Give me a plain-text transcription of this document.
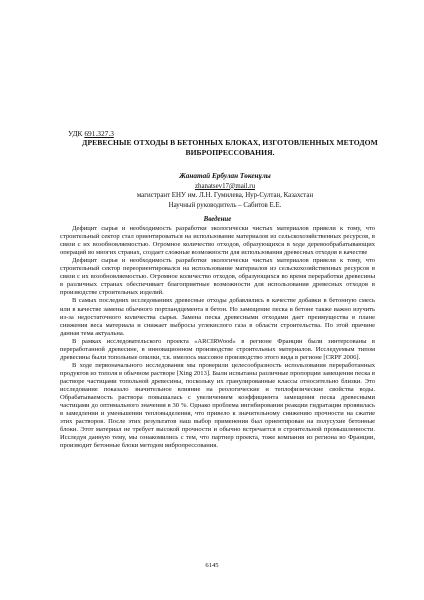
УДК 691.327.3
ДРЕВЕСНЫЕ ОТХОДЫ В БЕТОННЫХ БЛОКАХ, ИЗГОТОВЛЕННЫХ МЕТОДОМ ВИБРОПРЕССОВАНИЯ.
Жанатай Ербулан Төкенұлы
zhanatsev17@mail.ru
магистрант ЕНУ им. Л.Н. Гумилева, Нур-Султан, Казахстан
Научный руководитель – Сабитов Е.Е.
Введение

Дефицит сырья и необходимость разработки экологически чистых материалов привели к тому, что строительный сектор стал ориентироваться на использование материалов из сельскохозяйственных ресурсов, в связи с их возобновляемостью. Огромное количество отходов, образующихся в ходе деревообрабатывающих операций во многих странах, создает сложные возможности для использования древесных отходов в качестве

Дефицит сырья и необходимость разработки экологически чистых материалов привели к тому, что строительный сектор переориентировался на использование материалов из сельскохозяйственных ресурсов в связи с их возобновляемостью. Огромное количество отходов, образующихся во время переработки древесины в различных странах обеспечивает благоприятные возможности для использования древесных отходов в производстве строительных изделий.

В самых последних исследованиях древесные отходы добавлялись в качестве добавки в бетонную смесь или в качестве замены обычного портландцемента в бетон. Но замещение песка в бетоне также важно изучить из-за недостаточного количества сырья. Замена песка древесными отходами дает преимущества в плане снижения веса материала и снижает выбросы углекислого газа в области строительства. По этой причине данная тема актуальна.

В рамках исследовательского проекта «ARCIRWood» в регионе Франции были зинтерсованы в переработанной древесине, в инновационном производстве строительных материалов. Исследуемым типом древесины были топольные опилки, т.к. имелось массовое производство этого вида в регионе [CRPF 2006].

В ходе первоначального исследования мы проверили целесообразность использования переработанных продуктов из тополя в обычном растворе [Xing 2013]. Были испытаны различные пропорции замещения песка в растворе частицами топольной древесины, поскольку их гранулированные классы относительно близки. Это исследование показало значительное влияние на реологические и теплофизические свойства воды. Обрабатываемость раствора повышалась с увеличением коэффициента замещения песка древесными частицами до оптимального значения в 30 %. Однако проблема ингибирования реакции гидратации проявилась в замедлении и уменьшении тепловыделения, что привело к значительному снижению прочности на сжатие этих растворов. После этих результатов наш выбор применения был ориентирован на полусухие бетонные блоки. Этот материал не требует высокой прочности и обычно встречается в строительной промышленности. Исследуя данную тему, мы ознакомились с тем, что партнер проекта, тоже компания из региона во Франции, производит бетонные блоки методом вибропрессования.

6145
